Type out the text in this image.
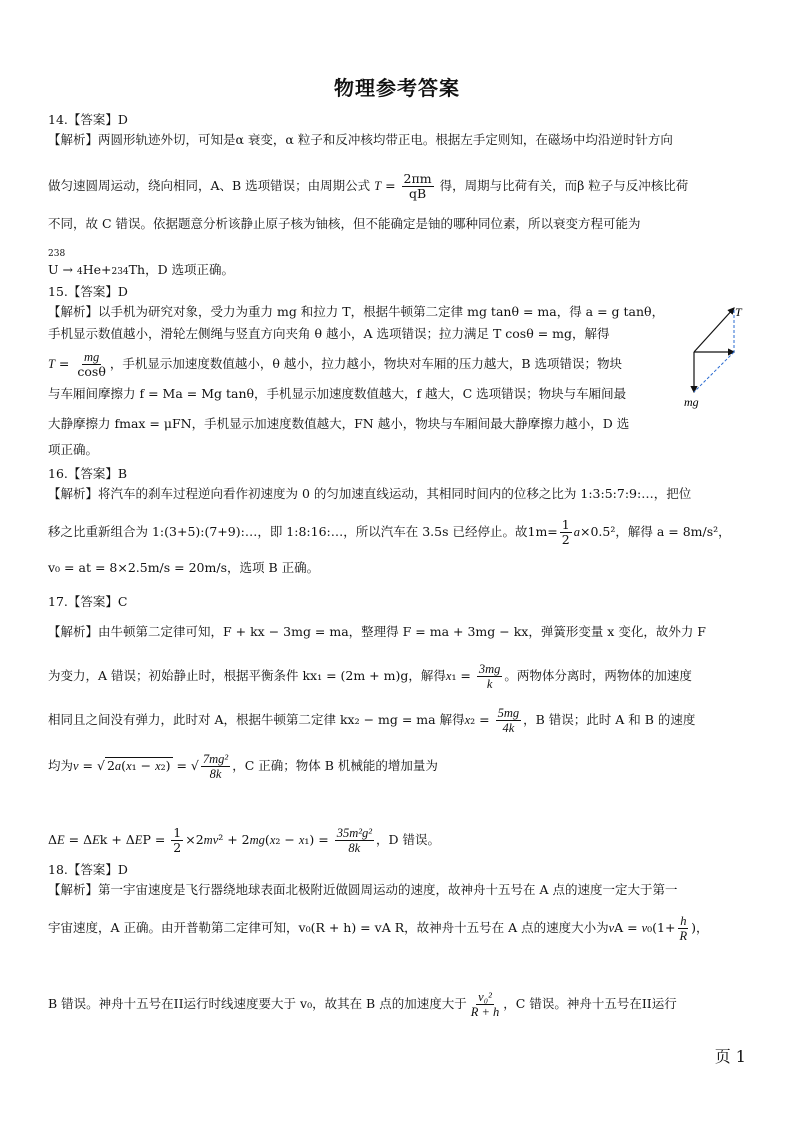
物理参考答案
14.【答案】D
【解析】两圆形轨迹外切，可知是α 衰变，α 粒子和反冲核均带正电。根据左手定则知，在磁场中均沿逆时针方向
做匀速圆周运动，绕向相同，A、B 选项错误；由周期公式 $T = \frac{2\pi m}{qB}$ 得，周期与比荷有关，而β 粒子与反冲核比荷
不同，故 C 错误。依据题意分析该静止原子核为铀核，但不能确定是铀的哪种同位素，所以衰变方程可能为
$^{238}$
U → 4He+234Th，D 选项正确。
15.【答案】D
【解析】以手机为研究对象，受力为重力 mg 和拉力 T，根据牛顿第二定律 mg tanθ = ma，得 a = g tanθ，
手机显示数值越小，滑轮左侧绳与竖直方向夹角 θ 越小，A 选项错误；拉力满足 T cosθ = mg，解得
$T = \frac{mg}{\cos\theta}$ ，手机显示加速度数值越小，θ 越小，拉力越小，物块对车厢的压力越大，B 选项错误；物块
与车厢间摩擦力 f = Ma = Mg tanθ，手机显示加速度数值越大，f 越大，C 选项错误；物块与车厢间最
大静摩擦力 fmax = μFN，手机显示加速度数值越大，FN 越小，物块与车厢间最大静摩擦力越小，D 选
项正确。
T
mg
16.【答案】B
【解析】将汽车的刹车过程逆向看作初速度为 0 的匀加速直线运动，其相同时间内的位移之比为 1:3:5:7:9:…，把位
移之比重新组合为 1:(3+5):(7+9):…，即 1:8:16:…，所以汽车在 3.5s 已经停止。故$1m= \frac{1}{2} a\times 0.5^2$，解得 a = 8m/s²，
v₀ = at = 8×2.5m/s = 20m/s，选项 B 正确。
17.【答案】C
【解析】由牛顿第二定律可知，F + kx − 3mg = ma，整理得 F = ma + 3mg − kx，弹簧形变量 x 变化，故外力 F
为变力，A 错误；初始静止时，根据平衡条件 kx₁ = (2m + m)g，解得$x_1 = \frac{3mg}{k}$ 。两物体分离时，两物体的加速度
相同且之间没有弹力，此时对 A，根据牛顿第二定律 kx₂ − mg = ma 解得$x_2 = \frac{5mg}{4k}$ ，B 错误；此时 A 和 B 的速度
均为v = √ 2a(x₁ − x₂) = √ $\frac{\text{7mg²}}{8k}$ ，C 正确；物体 B 机械能的增加量为
$\Delta E = \Delta Ek + \Delta EP = \frac{1}{2} \times 2mv^2 + 2mg(x_2 - x_1) = \frac{\text{35m²g²}}{8k}$ ，D 错误。
18.【答案】D
【解析】第一宇宙速度是飞行器绕地球表面北极附近做圆周运动的速度，故神舟十五号在 A 点的速度一定大于第一
宇宙速度，A 正确。由开普勒第二定律可知，v₀(R + h) = vA R，故神舟十五号在 A 点的速度大小为vA = $v_0(1+ \frac{h}{R}$ )，
B 错误。神舟十五号在II运行时线速度要大于 v₀，故其在 B 点的加速度大于 $\frac{\text{v₀²}}{R + h}$ ，C 错误。神舟十五号在II运行
页 1
